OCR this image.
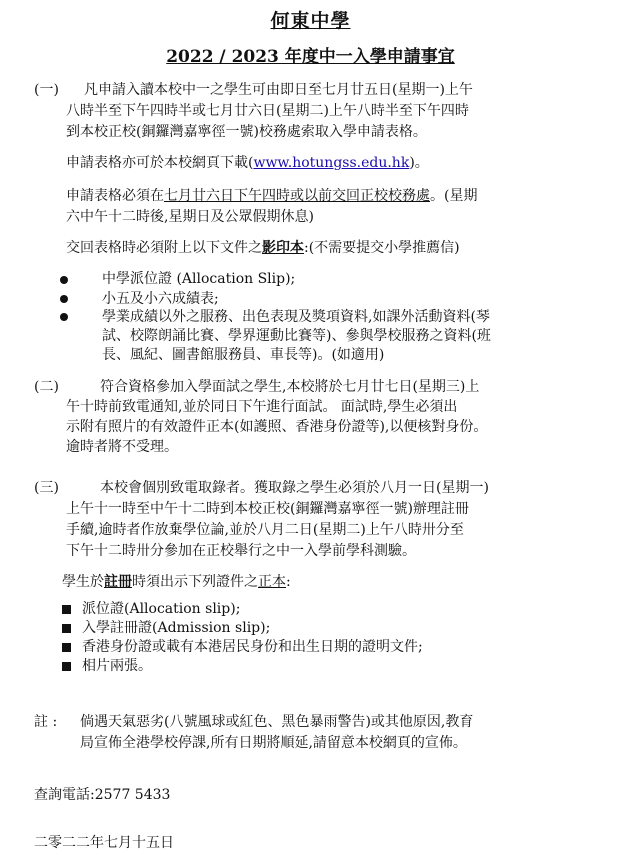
何東中學
2022 / 2023 年度中一入學申請事宜
(一) 凡申請入讀本校中一之學生可由即日至七月廿五日(星期一)上午
八時半至下午四時半或七月廿六日(星期二)上午八時半至下午四時
到本校正校(銅鑼灣嘉寧徑一號)校務處索取入學申請表格。
申請表格亦可於本校網頁下載(www.hotungss.edu.hk)。
申請表格必須在七月廿六日下午四時或以前交回正校校務處。(星期
六中午十二時後,星期日及公眾假期休息)
交回表格時必須附上以下文件之影印本:(不需要提交小學推薦信)
中學派位證 (Allocation Slip);
小五及小六成績表;
學業成績以外之服務、出色表現及獎項資料,如課外活動資料(琴
試、校際朗誦比賽、學界運動比賽等)、參與學校服務之資料(班
長、風紀、圖書館服務員、車長等)。(如適用)
(二)	符合資格參加入學面試之學生,本校將於七月廿七日(星期三)上
午十時前致電通知,並於同日下午進行面試。 面試時,學生必須出
示附有照片的有效證件正本(如護照、香港身份證等),以便核對身份。
逾時者將不受理。
(三)	本校會個別致電取錄者。獲取錄之學生必須於八月一日(星期一)
上午十一時至中午十二時到本校正校(銅鑼灣嘉寧徑一號)辦理註冊
手續,逾時者作放棄學位論,並於八月二日(星期二)上午八時卅分至
下午十二時卅分參加在正校舉行之中一入學前學科測驗。
學生於註冊時須出示下列證件之正本:
派位證(Allocation slip);
入學註冊證(Admission slip);
香港身份證或載有本港居民身份和出生日期的證明文件;
相片兩張。
註 : 倘遇天氣惡劣(八號風球或紅色、黑色暴雨警告)或其他原因,教育
局宣佈全港學校停課,所有日期將順延,請留意本校網頁的宣佈。
查詢電話:2577 5433
二零二二年七月十五日
